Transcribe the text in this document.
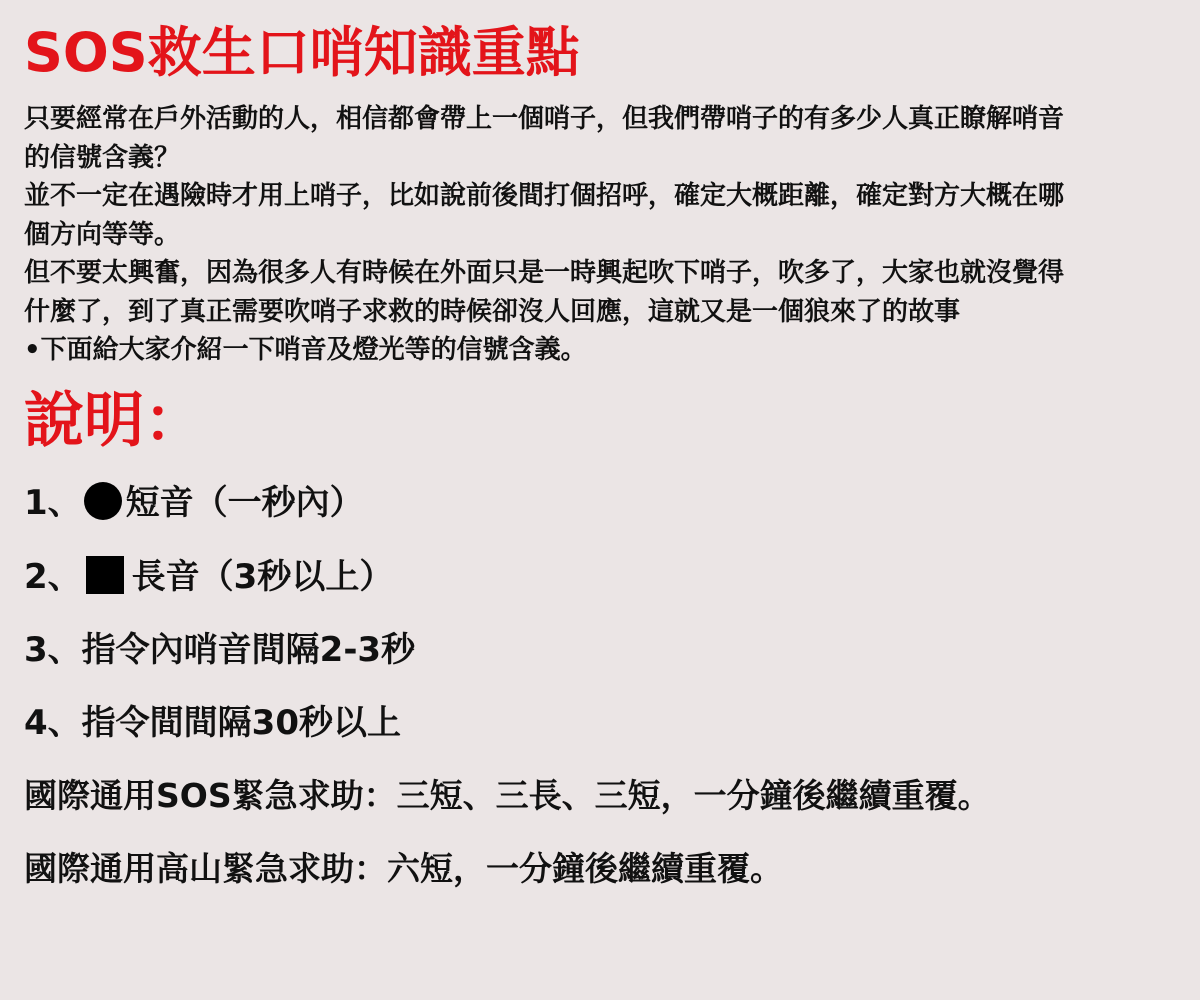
SOS救生口哨知識重點

只要經常在戶外活動的人，相信都會帶上一個哨子，但我們帶哨子的有多少人真正瞭解哨音

的信號含義？

並不一定在遇險時才用上哨子，比如說前後間打個招呼，確定大概距離，確定對方大概在哪

個方向等等。

但不要太興奮，因為很多人有時候在外面只是一時興起吹下哨子，吹多了，大家也就沒覺得

什麼了，到了真正需要吹哨子求救的時候卻沒人回應，這就又是一個狼來了的故事

•下面給大家介紹一下哨音及燈光等的信號含義。

說明：
1、 短音（一秒內）
2、 長音（3秒以上）
3、指令內哨音間隔2-3秒
4、指令間間隔30秒以上
國際通用SOS緊急求助：三短、三長、三短，一分鐘後繼續重覆。
國際通用高山緊急求助：六短，一分鐘後繼續重覆。
